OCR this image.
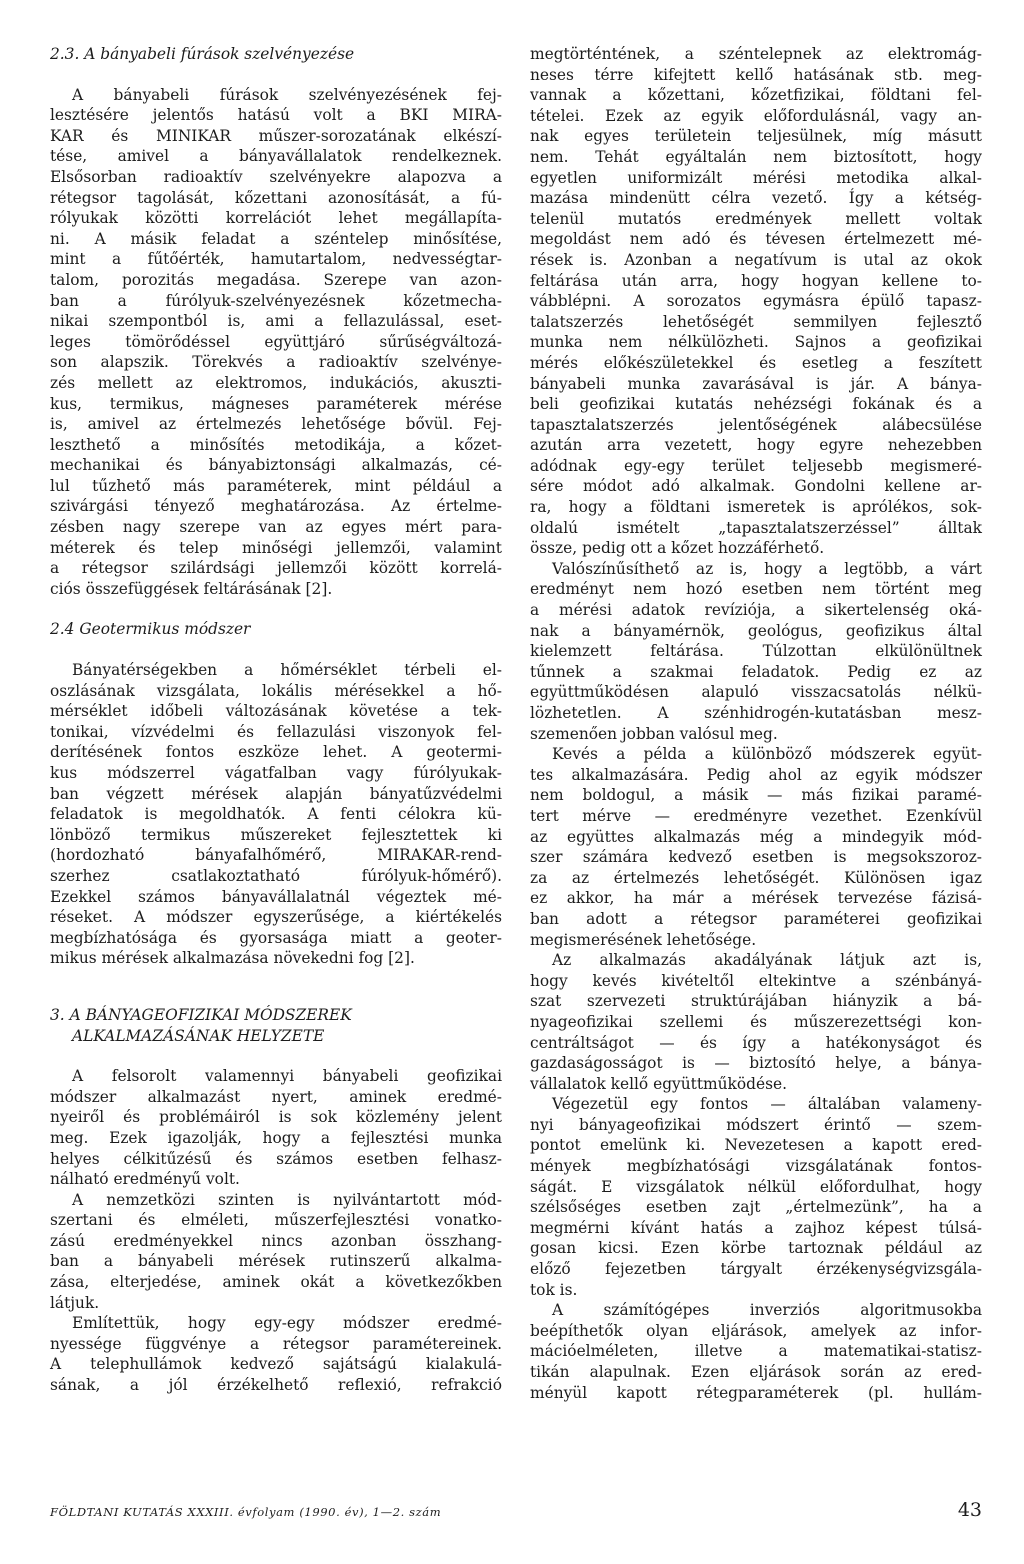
2.3. A bányabeli fúrások szelvényezése
A bányabeli fúrások szelvényezésének fej-
lesztésére jelentős hatású volt a BKI MIRA-
KAR és MINIKAR műszer-sorozatának elkészí-
tése, amivel a bányavállalatok rendelkeznek.
Elsősorban radioaktív szelvényekre alapozva a
rétegsor tagolását, kőzettani azonosítását, a fú-
rólyukak közötti korrelációt lehet megállapíta-
ni. A másik feladat a széntelep minősítése,
mint a fűtőérték, hamutartalom, nedvességtar-
talom, porozitás megadása. Szerepe van azon-
ban a fúrólyuk-szelvényezésnek kőzetmecha-
nikai szempontból is, ami a fellazulással, eset-
leges tömörődéssel együttjáró sűrűségváltozá-
son alapszik. Törekvés a radioaktív szelvénye-
zés mellett az elektromos, indukációs, akuszti-
kus, termikus, mágneses paraméterek mérése
is, amivel az értelmezés lehetősége bővül. Fej-
leszthető a minősítés metodikája, a kőzet-
mechanikai és bányabiztonsági alkalmazás, cé-
lul tűzhető más paraméterek, mint például a
szivárgási tényező meghatározása. Az értelme-
zésben nagy szerepe van az egyes mért para-
méterek és telep minőségi jellemzői, valamint
a rétegsor szilárdsági jellemzői között korrelá-
ciós összefüggések feltárásának [2].
2.4 Geotermikus módszer
Bányatérségekben a hőmérséklet térbeli el-
oszlásának vizsgálata, lokális mérésekkel a hő-
mérséklet időbeli változásának követése a tek-
tonikai, vízvédelmi és fellazulási viszonyok fel-
derítésének fontos eszköze lehet. A geotermi-
kus módszerrel vágatfalban vagy fúrólyukak-
ban végzett mérések alapján bányatűzvédelmi
feladatok is megoldhatók. A fenti célokra kü-
lönböző termikus műszereket fejlesztettek ki
(hordozható bányafalhőmérő, MIRAKAR-rend-
szerhez csatlakoztatható fúrólyuk-hőmérő).
Ezekkel számos bányavállalatnál végeztek mé-
réseket. A módszer egyszerűsége, a kiértékelés
megbízhatósága és gyorsasága miatt a geoter-
mikus mérések alkalmazása növekedni fog [2].
3. A BÁNYAGEOFIZIKAI MÓDSZEREK
ALKALMAZÁSÁNAK HELYZETE
A felsorolt valamennyi bányabeli geofizikai
módszer alkalmazást nyert, aminek eredmé-
nyeiről és problémáiról is sok közlemény jelent
meg. Ezek igazolják, hogy a fejlesztési munka
helyes célkitűzésű és számos esetben felhasz-
nálható eredményű volt.
A nemzetközi szinten is nyilvántartott mód-
szertani és elméleti, műszerfejlesztési vonatko-
zású eredményekkel nincs azonban összhang-
ban a bányabeli mérések rutinszerű alkalma-
zása, elterjedése, aminek okát a következőkben
látjuk.
Említettük, hogy egy-egy módszer eredmé-
nyessége függvénye a rétegsor paramétereinek.
A telephullámok kedvező sajátságú kialakulá-
sának, a jól érzékelhető reflexió, refrakció
megtörténtének, a széntelepnek az elektromág-
neses térre kifejtett kellő hatásának stb. meg-
vannak a kőzettani, kőzetfizikai, földtani fel-
tételei. Ezek az egyik előfordulásnál, vagy an-
nak egyes területein teljesülnek, míg másutt
nem. Tehát egyáltalán nem biztosított, hogy
egyetlen uniformizált mérési metodika alkal-
mazása mindenütt célra vezető. Így a kétség-
telenül mutatós eredmények mellett voltak
megoldást nem adó és tévesen értelmezett mé-
rések is. Azonban a negatívum is utal az okok
feltárása után arra, hogy hogyan kellene to-
vábblépni. A sorozatos egymásra épülő tapasz-
talatszerzés lehetőségét semmilyen fejlesztő
munka nem nélkülözheti. Sajnos a geofizikai
mérés előkészületekkel és esetleg a feszített
bányabeli munka zavarásával is jár. A bánya-
beli geofizikai kutatás nehézségi fokának és a
tapasztalatszerzés jelentőségének alábecsülése
azután arra vezetett, hogy egyre nehezebben
adódnak egy-egy terület teljesebb megismeré-
sére módot adó alkalmak. Gondolni kellene ar-
ra, hogy a földtani ismeretek is aprólékos, sok-
oldalú ismételt „tapasztalatszerzéssel” álltak
össze, pedig ott a kőzet hozzáférhető.
Valószínűsíthető az is, hogy a legtöbb, a várt
eredményt nem hozó esetben nem történt meg
a mérési adatok revíziója, a sikertelenség oká-
nak a bányamérnök, geológus, geofizikus által
kielemzett feltárása. Túlzottan elkülönültnek
tűnnek a szakmai feladatok. Pedig ez az
együttműködésen alapuló visszacsatolás nélkü-
lözhetetlen. A szénhidrogén-kutatásban mesz-
szemenően jobban valósul meg.
Kevés a példa a különböző módszerek együt-
tes alkalmazására. Pedig ahol az egyik módszer
nem boldogul, a másik — más fizikai paramé-
tert mérve — eredményre vezethet. Ezenkívül
az együttes alkalmazás még a mindegyik mód-
szer számára kedvező esetben is megsokszoroz-
za az értelmezés lehetőségét. Különösen igaz
ez akkor, ha már a mérések tervezése fázisá-
ban adott a rétegsor paraméterei geofizikai
megismerésének lehetősége.
Az alkalmazás akadályának látjuk azt is,
hogy kevés kivételtől eltekintve a szénbányá-
szat szervezeti struktúrájában hiányzik a bá-
nyageofizikai szellemi és műszerezettségi kon-
centráltságot — és így a hatékonyságot és
gazdaságosságot is — biztosító helye, a bánya-
vállalatok kellő együttműködése.
Végezetül egy fontos — általában valameny-
nyi bányageofizikai módszert érintő — szem-
pontot emelünk ki. Nevezetesen a kapott ered-
mények megbízhatósági vizsgálatának fontos-
ságát. E vizsgálatok nélkül előfordulhat, hogy
szélsőséges esetben zajt „értelmezünk”, ha a
megmérni kívánt hatás a zajhoz képest túlsá-
gosan kicsi. Ezen körbe tartoznak például az
előző fejezetben tárgyalt érzékenységvizsgála-
tok is.
A számítógépes inverziós algoritmusokba
beépíthetők olyan eljárások, amelyek az infor-
mációelméleten, illetve a matematikai-statisz-
tikán alapulnak. Ezen eljárások során az ered-
ményül kapott rétegparaméterek (pl. hullám-
FÖLDTANI KUTATÁS XXXIII. évfolyam (1990. év), 1—2. szám	43
